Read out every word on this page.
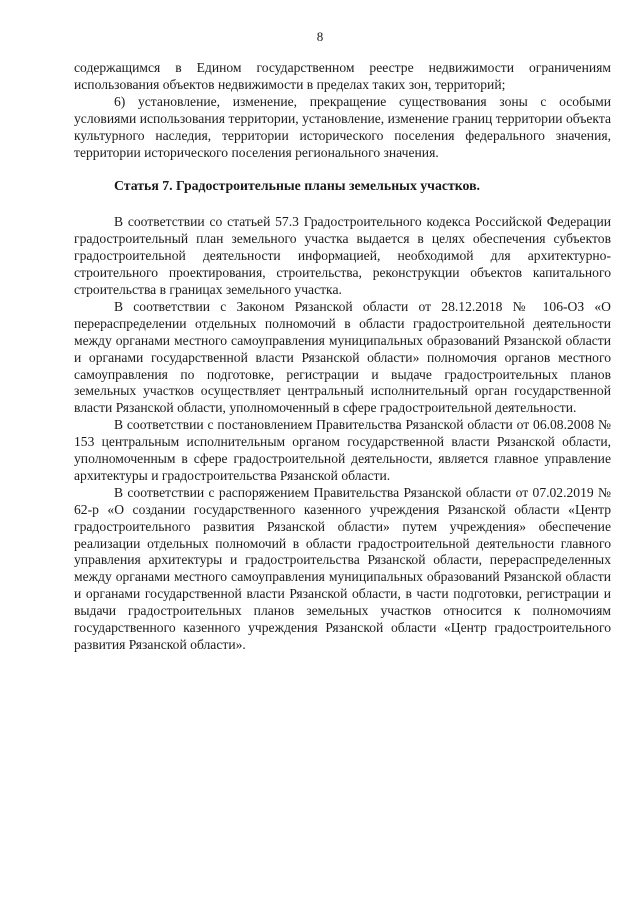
8

содержащимся в Едином государственном реестре недвижимости ограничениям использования объектов недвижимости в пределах таких зон, территорий;

6) установление, изменение, прекращение существования зоны с особыми условиями использования территории, установление, изменение границ территории объекта культурного наследия, территории исторического поселения федерального значения, территории исторического поселения регионального значения.

Статья 7. Градостроительные планы земельных участков.

В соответствии со статьей 57.3 Градостроительного кодекса Российской Федерации градостроительный план земельного участка выдается в целях обеспечения субъектов градостроительной деятельности информацией, необходимой для архитектурно-строительного проектирования, строительства, реконструкции объектов капитального строительства в границах земельного участка.

В соответствии с Законом Рязанской области от 28.12.2018 № 106-ОЗ «О перераспределении отдельных полномочий в области градостроительной деятельности между органами местного самоуправления муниципальных образований Рязанской области и органами государственной власти Рязанской области» полномочия органов местного самоуправления по подготовке, регистрации и выдаче градостроительных планов земельных участков осуществляет центральный исполнительный орган государственной власти Рязанской области, уполномоченный в сфере градостроительной деятельности.

В соответствии с постановлением Правительства Рязанской области от 06.08.2008 № 153 центральным исполнительным органом государственной власти Рязанской области, уполномоченным в сфере градостроительной деятельности, является главное управление архитектуры и градостроительства Рязанской области.

В соответствии с распоряжением Правительства Рязанской области от 07.02.2019 № 62-р «О создании государственного казенного учреждения Рязанской области «Центр градостроительного развития Рязанской области» путем учреждения» обеспечение реализации отдельных полномочий в области градостроительной деятельности главного управления архитектуры и градостроительства Рязанской области, перераспределенных между органами местного самоуправления муниципальных образований Рязанской области и органами государственной власти Рязанской области, в части подготовки, регистрации и выдачи градостроительных планов земельных участков относится к полномочиям государственного казенного учреждения Рязанской области «Центр градостроительного развития Рязанской области».
